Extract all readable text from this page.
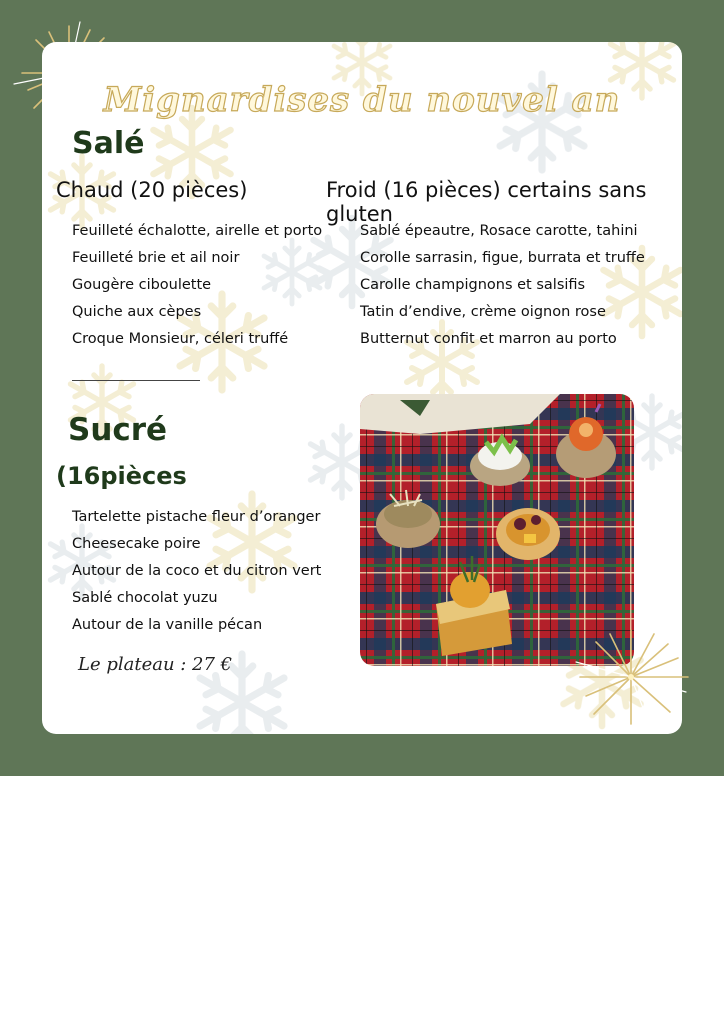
Mignardises du nouvel an
Salé
Chaud (20 pièces)
Feuilleté échalotte, airelle et porto
Feuilleté brie et ail noir
Gougère ciboulette
Quiche aux cèpes
Croque Monsieur, céleri truffé
Froid (16 pièces) certains sans gluten
Sablé épeautre, Rosace carotte, tahini
Corolle sarrasin, figue, burrata et truffe
Carolle champignons et salsifis
Tatin d’endive, crème oignon rose
Butternut confit et marron au porto
Sucré
(16pièces
Tartelette pistache fleur d’oranger
Cheesecake poire
Autour de la coco et du citron vert
Sablé chocolat yuzu
Autour de la vanille pécan
Le plateau : 27 €
